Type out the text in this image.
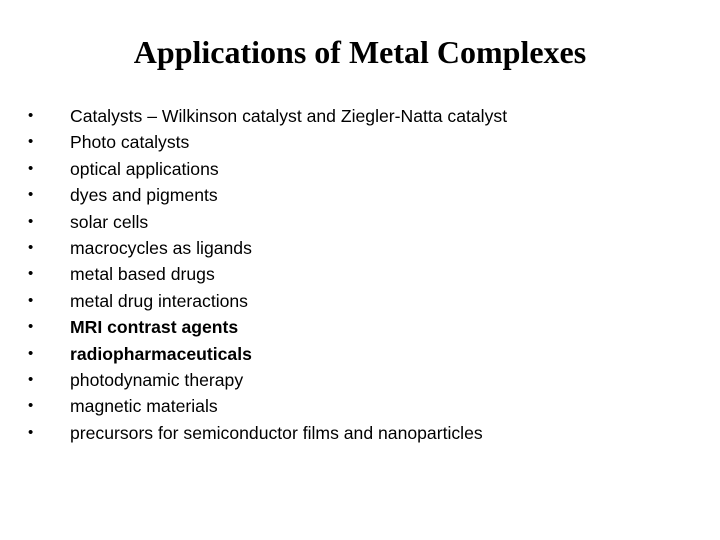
Applications of Metal Complexes
•	Catalysts – Wilkinson catalyst and Ziegler-Natta catalyst
•	Photo catalysts
•	optical applications
•	dyes and pigments
•	solar cells
•	macrocycles as ligands
•	metal based drugs
•	metal drug interactions
•	MRI contrast agents
•	radiopharmaceuticals
•	photodynamic therapy
•	magnetic materials
•	precursors for semiconductor films and nanoparticles
